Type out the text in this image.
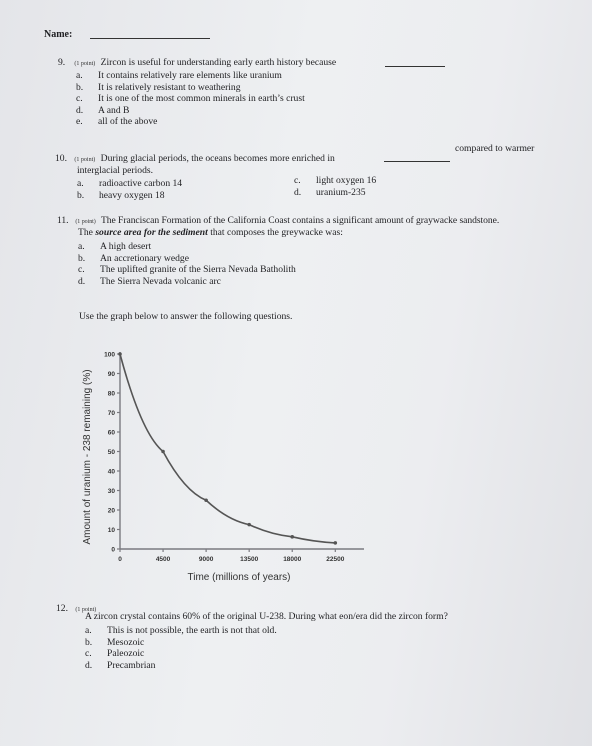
Name:
9. (1 point) Zircon is useful for understanding early earth history because
a. It contains relatively rare elements like uranium
b. It is relatively resistant to weathering
c. It is one of the most common minerals in earth’s crust
d. A and B
e. all of the above
10. (1 point) During glacial periods, the oceans becomes more enriched in
compared to warmer
interglacial periods.
a. radioactive carbon 14
b. heavy oxygen 18
c. light oxygen 16
d. uranium-235
11. (1 point) The Franciscan Formation of the California Coast contains a significant amount of graywacke sandstone.
The source area for the sediment that composes the greywacke was:
a. A high desert
b. An accretionary wedge
c. The uplifted granite of the Sierra Nevada Batholith
d. The Sierra Nevada volcanic arc
Use the graph below to answer the following questions.
Amount of uranium - 238 remaining (%)
Time (millions of years)
0
10
20
30
40
50
60
70
80
90
100
0	4500	9000	13500	18000	22500
12. (1 point)
A zircon crystal contains 60% of the original U-238. During what eon/era did the zircon form?
a. This is not possible, the earth is not that old.
b. Mesozoic
c. Paleozoic
d. Precambrian
